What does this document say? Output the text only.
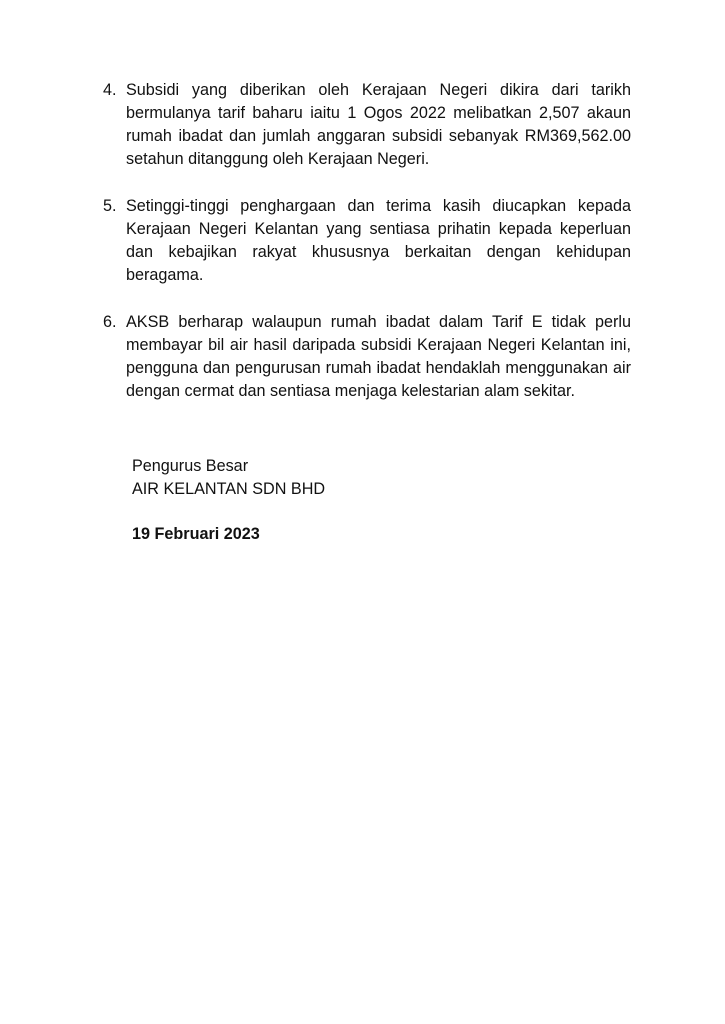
4. Subsidi yang diberikan oleh Kerajaan Negeri dikira dari tarikh bermulanya tarif baharu iaitu 1 Ogos 2022 melibatkan 2,507 akaun rumah ibadat dan jumlah anggaran subsidi sebanyak RM369,562.00 setahun ditanggung oleh Kerajaan Negeri.
5. Setinggi-tinggi penghargaan dan terima kasih diucapkan kepada Kerajaan Negeri Kelantan yang sentiasa prihatin kepada keperluan dan kebajikan rakyat khususnya berkaitan dengan kehidupan beragama.
6. AKSB berharap walaupun rumah ibadat dalam Tarif E tidak perlu membayar bil air hasil daripada subsidi Kerajaan Negeri Kelantan ini, pengguna dan pengurusan rumah ibadat hendaklah menggunakan air dengan cermat dan sentiasa menjaga kelestarian alam sekitar.
Pengurus Besar
AIR KELANTAN SDN BHD
19 Februari 2023
